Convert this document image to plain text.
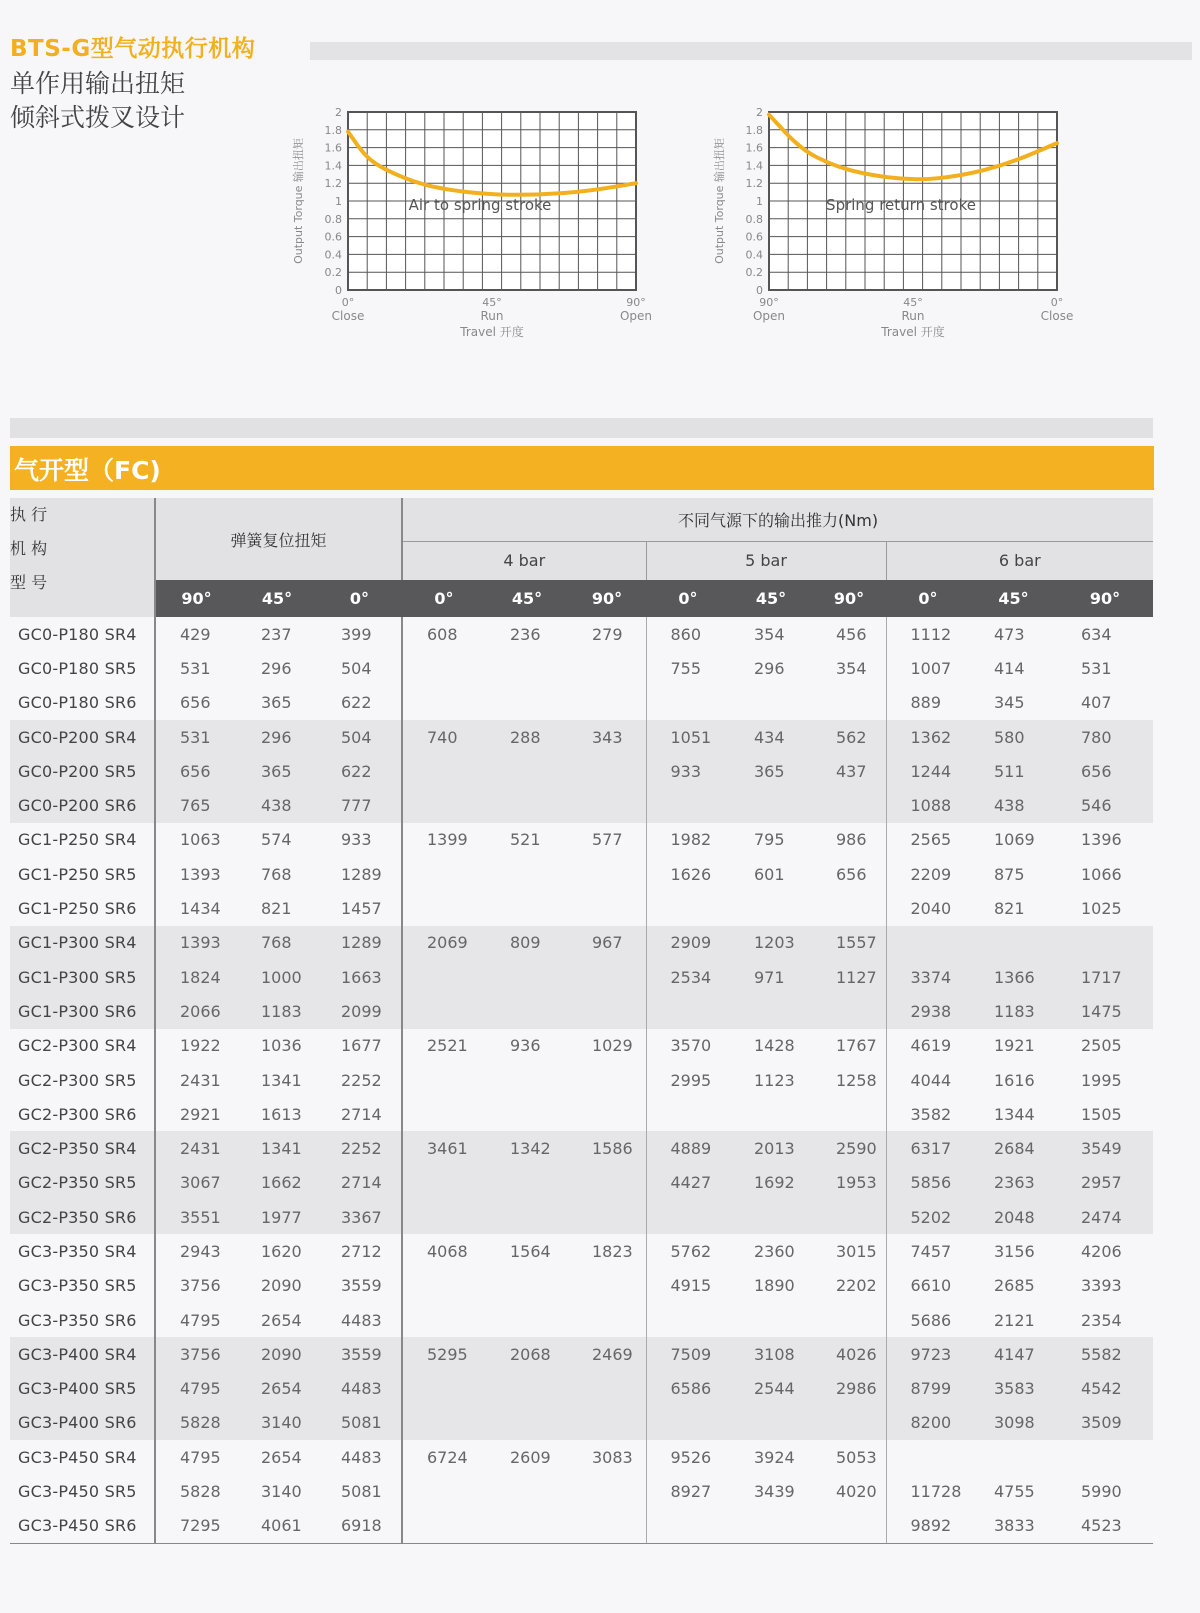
BTS-G型气动执行机构
单作用输出扭矩
倾斜式拨叉设计
0
0.2
0.4
0.6
0.8
1
1.2
1.4
1.6
1.8
2
0°
Close
45°
Run
90°
Open
Travel 开度
Output Torque 输出扭矩	Air to spring stroke
0
0.2
0.4
0.6
0.8
1
1.2
1.4
1.6
1.8
2
90°
Open
45°
Run
0°
Close
Travel 开度
Output Torque 输出扭矩	Spring return stroke
气开型（FC)
执 行
机 构
型 号	弹簧复位扭矩			不同气源下的输出推力(Nm)								
				4 bar			5 bar			6 bar		
	90°	45°	0°	0°	45°	90°	0°	45°	90°	0°	45°	90°
GC0-P180 SR4	429	237	399	608	236	279	860	354	456	1112	473	634
GC0-P180 SR5	531	296	504				755	296	354	1007	414	531
GC0-P180 SR6	656	365	622							889	345	407
GC0-P200 SR4	531	296	504	740	288	343	1051	434	562	1362	580	780
GC0-P200 SR5	656	365	622				933	365	437	1244	511	656
GC0-P200 SR6	765	438	777							1088	438	546
GC1-P250 SR4	1063	574	933	1399	521	577	1982	795	986	2565	1069	1396
GC1-P250 SR5	1393	768	1289				1626	601	656	2209	875	1066
GC1-P250 SR6	1434	821	1457							2040	821	1025
GC1-P300 SR4	1393	768	1289	2069	809	967	2909	1203	1557			
GC1-P300 SR5	1824	1000	1663				2534	971	1127	3374	1366	1717
GC1-P300 SR6	2066	1183	2099							2938	1183	1475
GC2-P300 SR4	1922	1036	1677	2521	936	1029	3570	1428	1767	4619	1921	2505
GC2-P300 SR5	2431	1341	2252				2995	1123	1258	4044	1616	1995
GC2-P300 SR6	2921	1613	2714							3582	1344	1505
GC2-P350 SR4	2431	1341	2252	3461	1342	1586	4889	2013	2590	6317	2684	3549
GC2-P350 SR5	3067	1662	2714				4427	1692	1953	5856	2363	2957
GC2-P350 SR6	3551	1977	3367							5202	2048	2474
GC3-P350 SR4	2943	1620	2712	4068	1564	1823	5762	2360	3015	7457	3156	4206
GC3-P350 SR5	3756	2090	3559				4915	1890	2202	6610	2685	3393
GC3-P350 SR6	4795	2654	4483							5686	2121	2354
GC3-P400 SR4	3756	2090	3559	5295	2068	2469	7509	3108	4026	9723	4147	5582
GC3-P400 SR5	4795	2654	4483				6586	2544	2986	8799	3583	4542
GC3-P400 SR6	5828	3140	5081							8200	3098	3509
GC3-P450 SR4	4795	2654	4483	6724	2609	3083	9526	3924	5053			
GC3-P450 SR5	5828	3140	5081				8927	3439	4020	11728	4755	5990
GC3-P450 SR6	7295	4061	6918							9892	3833	4523
